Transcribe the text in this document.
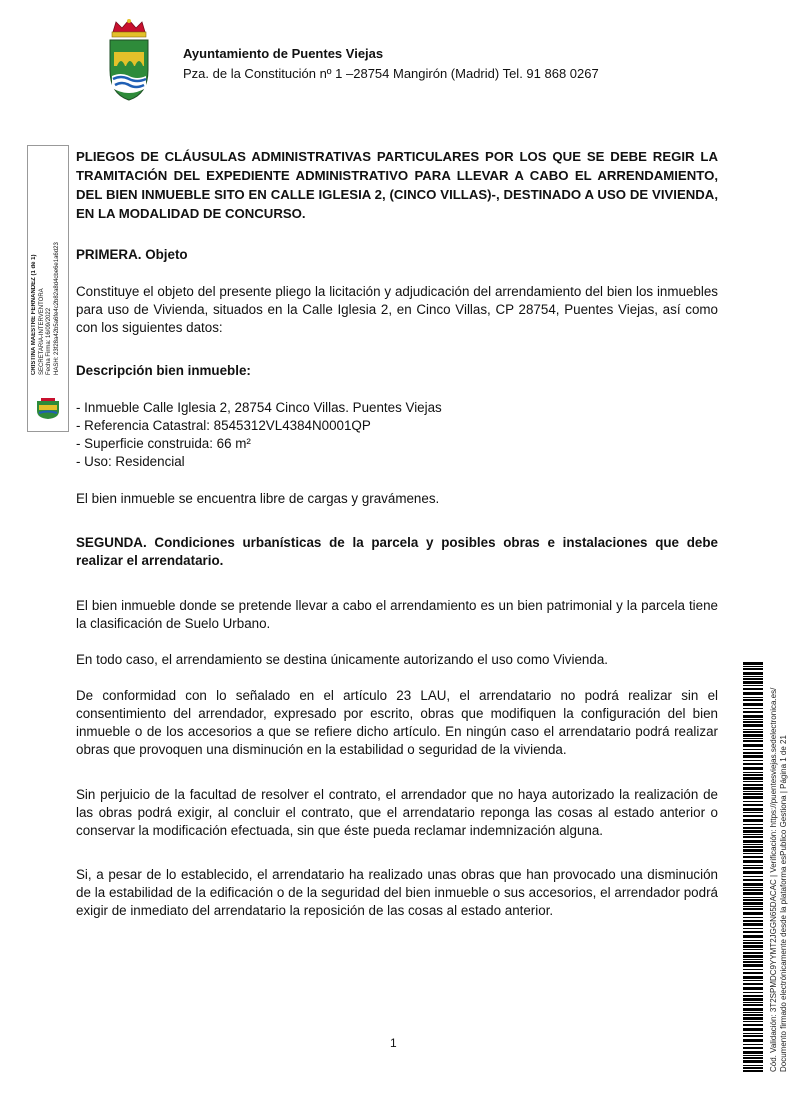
Ayuntamiento de Puentes Viejas
Pza. de la Constitución nº 1 –28754 Mangirón (Madrid) Tel. 91 868 0267
CRISTINA MAESTRE FERNÁNDEZ (1 de 1) SECRETARIA-INTERVENTORA Fecha Firma: 16/09/2022 HASH: 23f28a42b5a6fe4c2b82a8d4cbe6e1a6d23
PLIEGOS DE CLÁUSULAS ADMINISTRATIVAS PARTICULARES POR LOS QUE SE DEBE REGIR LA TRAMITACIÓN DEL EXPEDIENTE ADMINISTRATIVO PARA LLEVAR A CABO EL ARRENDAMIENTO, DEL BIEN INMUEBLE SITO EN CALLE IGLESIA 2, (CINCO VILLAS)-, DESTINADO A USO DE VIVIENDA, EN LA MODALIDAD DE CONCURSO.
PRIMERA. Objeto
Constituye el objeto del presente pliego la licitación y adjudicación del arrendamiento del bien los inmuebles para uso de Vivienda, situados en la Calle Iglesia 2, en Cinco Villas, CP 28754, Puentes Viejas, así como con los siguientes datos:
Descripción bien inmueble:
- Inmueble Calle Iglesia 2, 28754 Cinco Villas. Puentes Viejas
- Referencia Catastral: 8545312VL4384N0001QP
- Superficie construida: 66 m²
- Uso: Residencial
El bien inmueble se encuentra libre de cargas y gravámenes.
SEGUNDA. Condiciones urbanísticas de la parcela y posibles obras e instalaciones que debe realizar el arrendatario.
El bien inmueble donde se pretende llevar a cabo el arrendamiento es un bien patrimonial y la parcela tiene la clasificación de Suelo Urbano.
En todo caso, el arrendamiento se destina únicamente autorizando el uso como Vivienda.
De conformidad con lo señalado en el artículo 23 LAU, el arrendatario no podrá realizar sin el consentimiento del arrendador, expresado por escrito, obras que modifiquen la configuración del bien inmueble o de los accesorios a que se refiere dicho artículo. En ningún caso el arrendatario podrá realizar obras que provoquen una disminución en la estabilidad o seguridad de la vivienda.
Sin perjuicio de la facultad de resolver el contrato, el arrendador que no haya autorizado la realización de las obras podrá exigir, al concluir el contrato, que el arrendatario reponga las cosas al estado anterior o conservar la modificación efectuada, sin que éste pueda reclamar indemnización alguna.
Si, a pesar de lo establecido, el arrendatario ha realizado unas obras que han provocado una disminución de la estabilidad de la edificación o de la seguridad del bien inmueble o sus accesorios, el arrendador podrá exigir de inmediato del arrendatario la reposición de las cosas al estado anterior.	Cód. Validación: 3T2SPMDC9YYMT2JGGN65DACAC | Verificación: https://puentesviejas.sedelectronica.es/ Documento firmado electrónicamente desde la plataforma esPublico Gestiona | Página 1 de 21
1
